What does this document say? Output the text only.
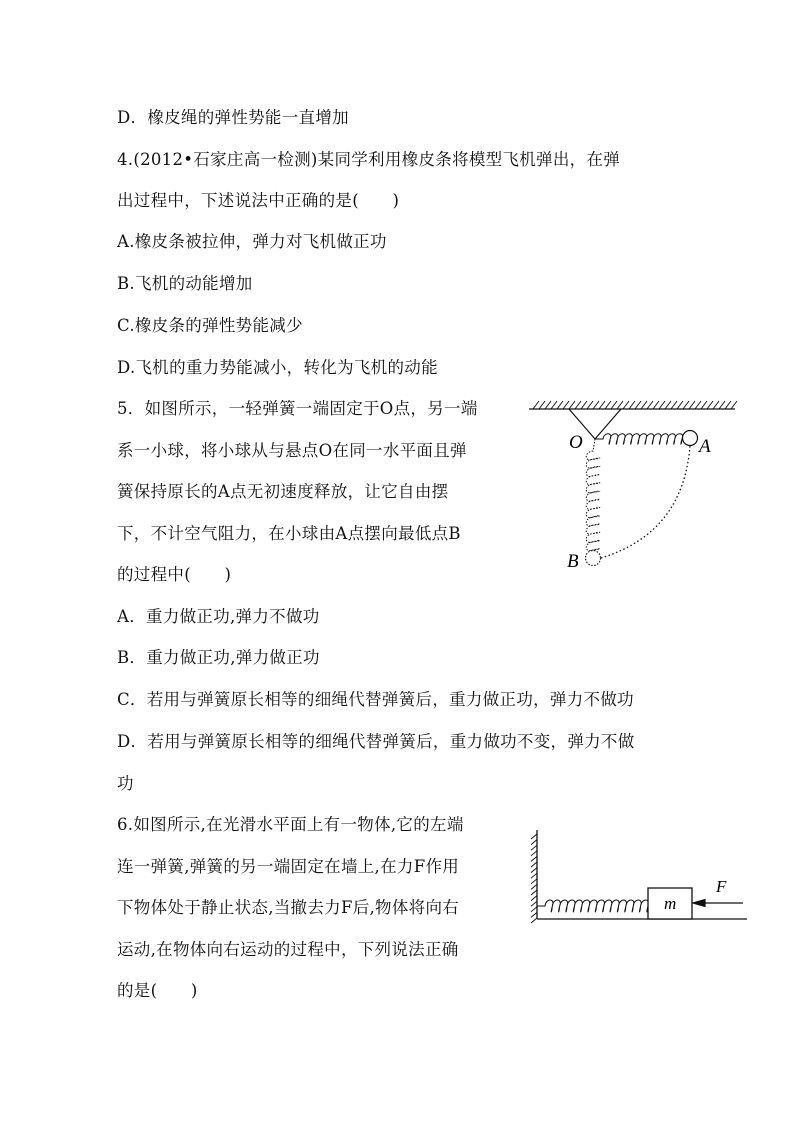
D．橡皮绳的弹性势能一直增加
4.(2012•石家庄高一检测)某同学利用橡皮条将模型飞机弹出，在弹
出过程中，下述说法中正确的是(　　)
A.橡皮条被拉伸，弹力对飞机做正功
B.飞机的动能增加
C.橡皮条的弹性势能减少
D.飞机的重力势能减小，转化为飞机的动能
5．如图所示，一轻弹簧一端固定于O点，另一端
系一小球，将小球从与悬点O在同一水平面且弹
簧保持原长的A点无初速度释放，让它自由摆
下，不计空气阻力，在小球由A点摆向最低点B
的过程中(　　)
A．重力做正功,弹力不做功
B．重力做正功,弹力做正功
C．若用与弹簧原长相等的细绳代替弹簧后，重力做正功，弹力不做功
D．若用与弹簧原长相等的细绳代替弹簧后，重力做功不变，弹力不做
功
6.如图所示,在光滑水平面上有一物体,它的左端
连一弹簧,弹簧的另一端固定在墙上,在力F作用
下物体处于静止状态,当撤去力F后,物体将向右
运动,在物体向右运动的过程中，下列说法正确
的是(　　)
O	A
B
m
F
